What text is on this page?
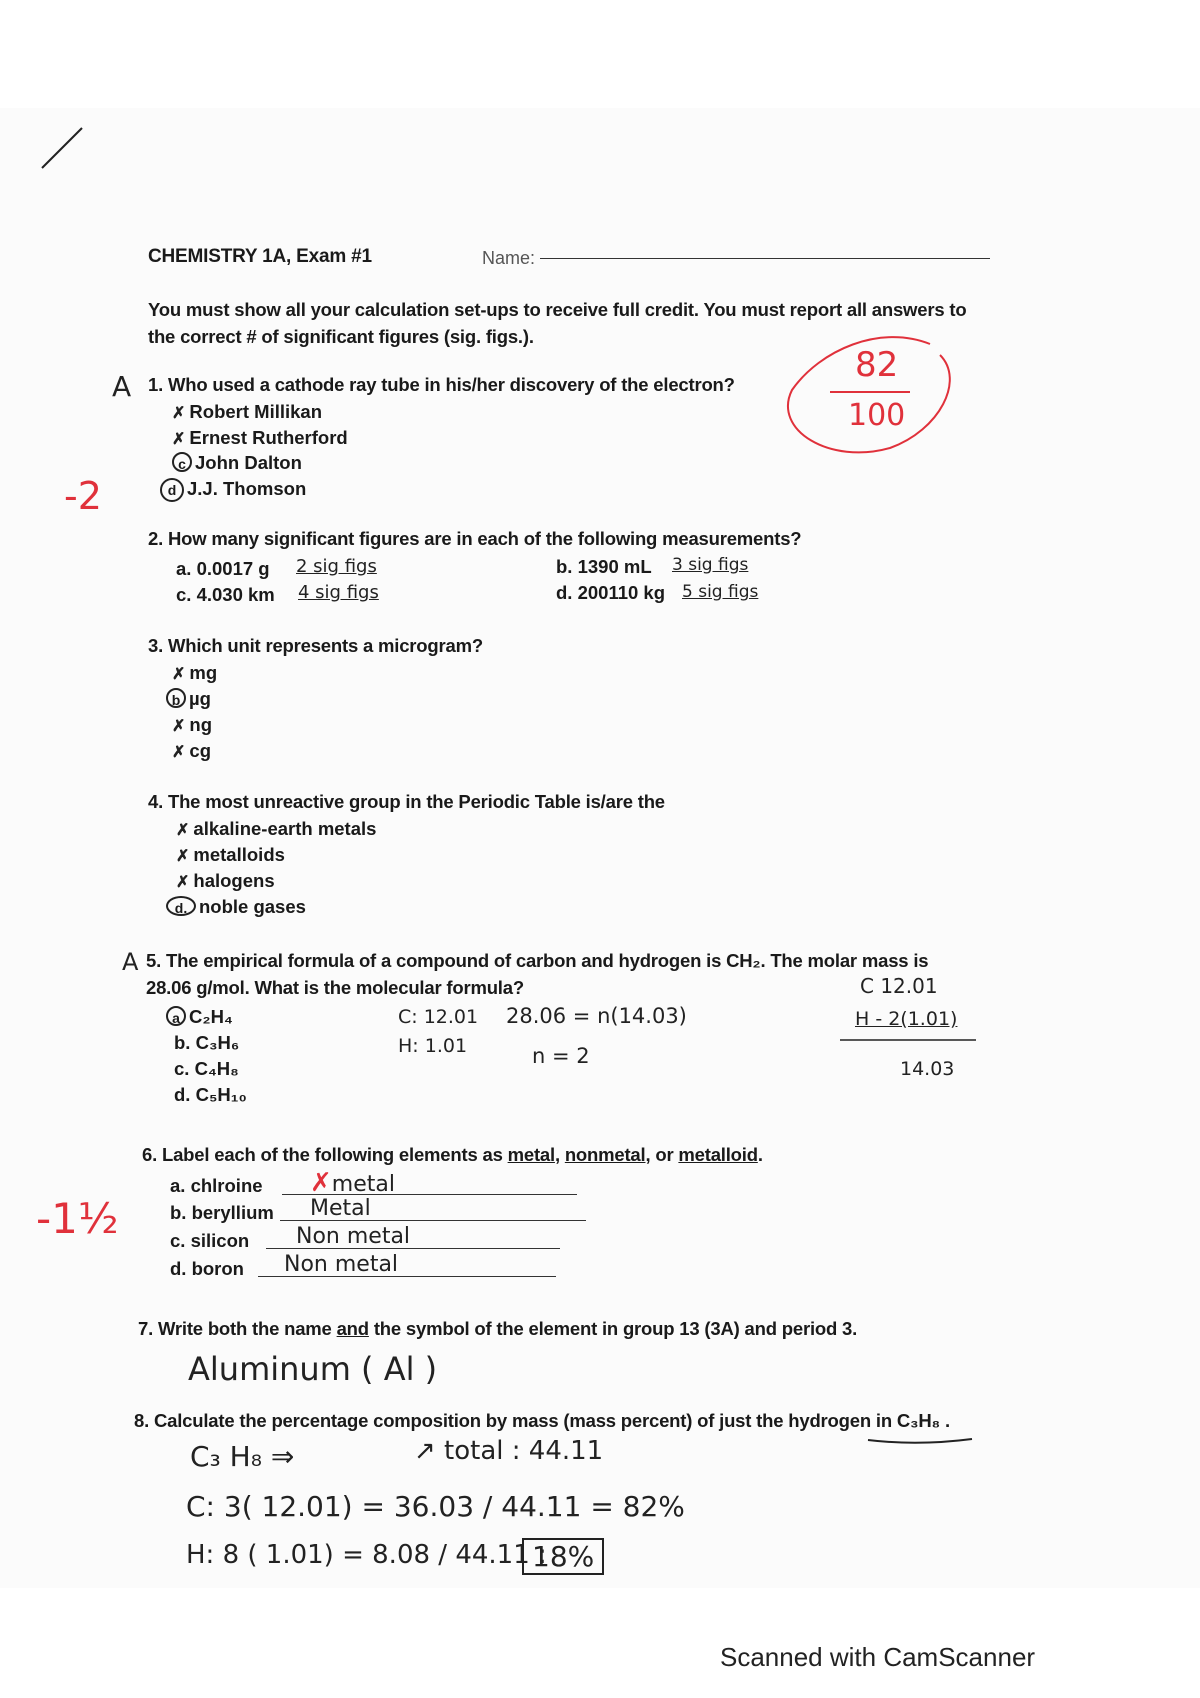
CHEMISTRY 1A, Exam #1	Name:
You must show all your calculation set-ups to receive full credit. You must report all answers to the correct # of significant figures (sig. figs.).
82
100
A 1. Who used a cathode ray tube in his/her discovery of the electron?
✗ Robert Millikan
✗ Ernest Rutherford
c John Dalton
d J.J. Thomson
-2
2. How many significant figures are in each of the following measurements?
a. 0.0017 g 2 sig figs	b. 1390 mL 3 sig figs
c. 4.030 km 4 sig figs	d. 200110 kg 5 sig figs
3. Which unit represents a microgram?
✗ mg
b µg
✗ ng
✗ cg
4. The most unreactive group in the Periodic Table is/are the
✗ alkaline-earth metals
✗ metalloids
✗ halogens
d. noble gases
A 5. The empirical formula of a compound of carbon and hydrogen is CH₂. The molar mass is
28.06 g/mol. What is the molecular formula?
a C₂H₄
b. C₃H₆
c. C₄H₈
d. C₅H₁₀
C: 12.01
H: 1.01
28.06 = n(14.03)
n = 2
C 12.01
H - 2(1.01)
14.03
6. Label each of the following elements as metal, nonmetal, or metalloid.
a. chlroine ✗metal
b. beryllium Metal
c. silicon Non metal
d. boron Non metal
-1½
7. Write both the name and the symbol of the element in group 13 (3A) and period 3.
Aluminum ( Al )
8. Calculate the percentage composition by mass (mass percent) of just the hydrogen in C₃H₈ .
C₃ H₈ ⇒	↗ total : 44.11
C: 3( 12.01) = 36.03 / 44.11 = 82%
H: 8 ( 1.01) = 8.08 / 44.11 :
18%
Scanned with CamScanner
